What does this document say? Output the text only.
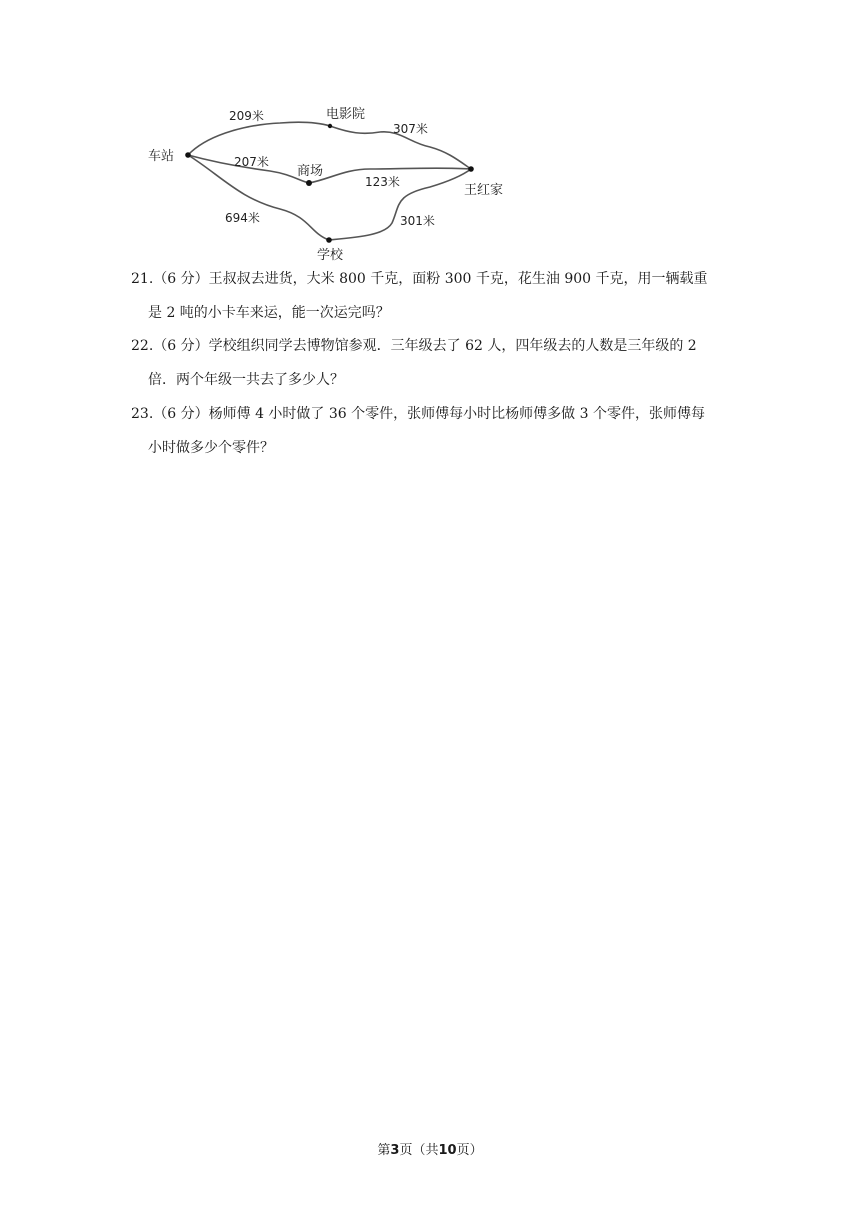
车站
电影院
商场
王红家
学校
209米
307米
207米
123米
694米	301米
21.（6 分）王叔叔去进货，大米 800 千克，面粉 300 千克，花生油 900 千克，用一辆载重
是 2 吨的小卡车来运，能一次运完吗？
22.（6 分）学校组织同学去博物馆参观．三年级去了 62 人，四年级去的人数是三年级的 2
倍．两个年级一共去了多少人？
23.（6 分）杨师傅 4 小时做了 36 个零件，张师傅每小时比杨师傅多做 3 个零件，张师傅每
小时做多少个零件？
第3页（共10页）
